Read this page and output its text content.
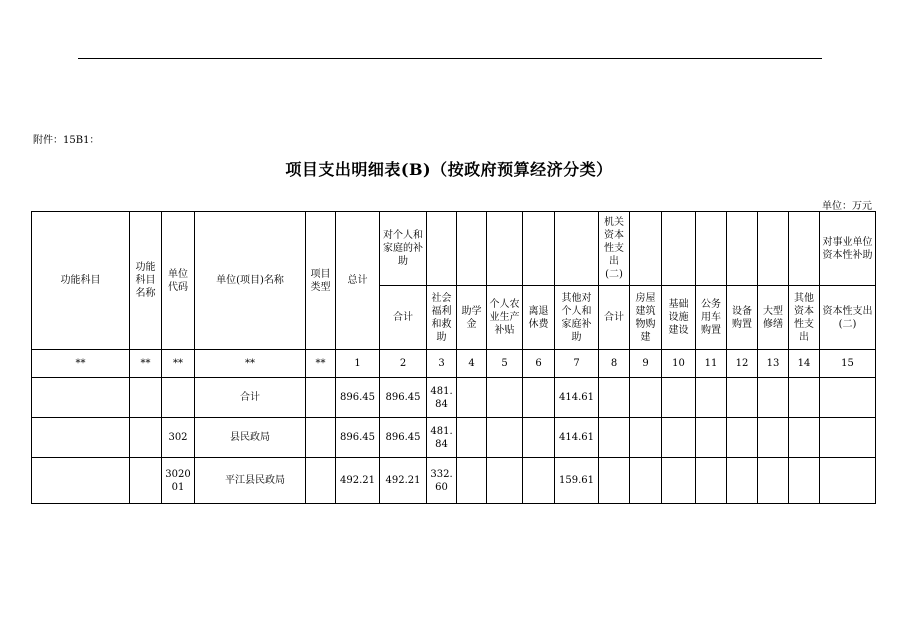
附件：15B1：
项目支出明细表(B)（按政府预算经济分类）
单位：万元
功能科目	功能科目名称	单位代码	单位(项目)名称	项目类型	总计	对个人和家庭的补助						机关资本性支出(二)							对事业单位资本性补助
						合计	社会福利和救助	助学金	个人农业生产补贴	离退休费	其他对个人和家庭补助	合计	房屋建筑物购建	基础设施建设	公务用车购置	设备购置	大型修缮	其他资本性支出	资本性支出(二)
**	**	**	**	**	1	2	3	4	5	6	7	8	9	10	11	12	13	14	15
			合计		896.45	896.45	481.84				414.61								
		302	县民政局		896.45	896.45	481.84				414.61								
		302001	平江县民政局		492.21	492.21	332.60				159.61								
